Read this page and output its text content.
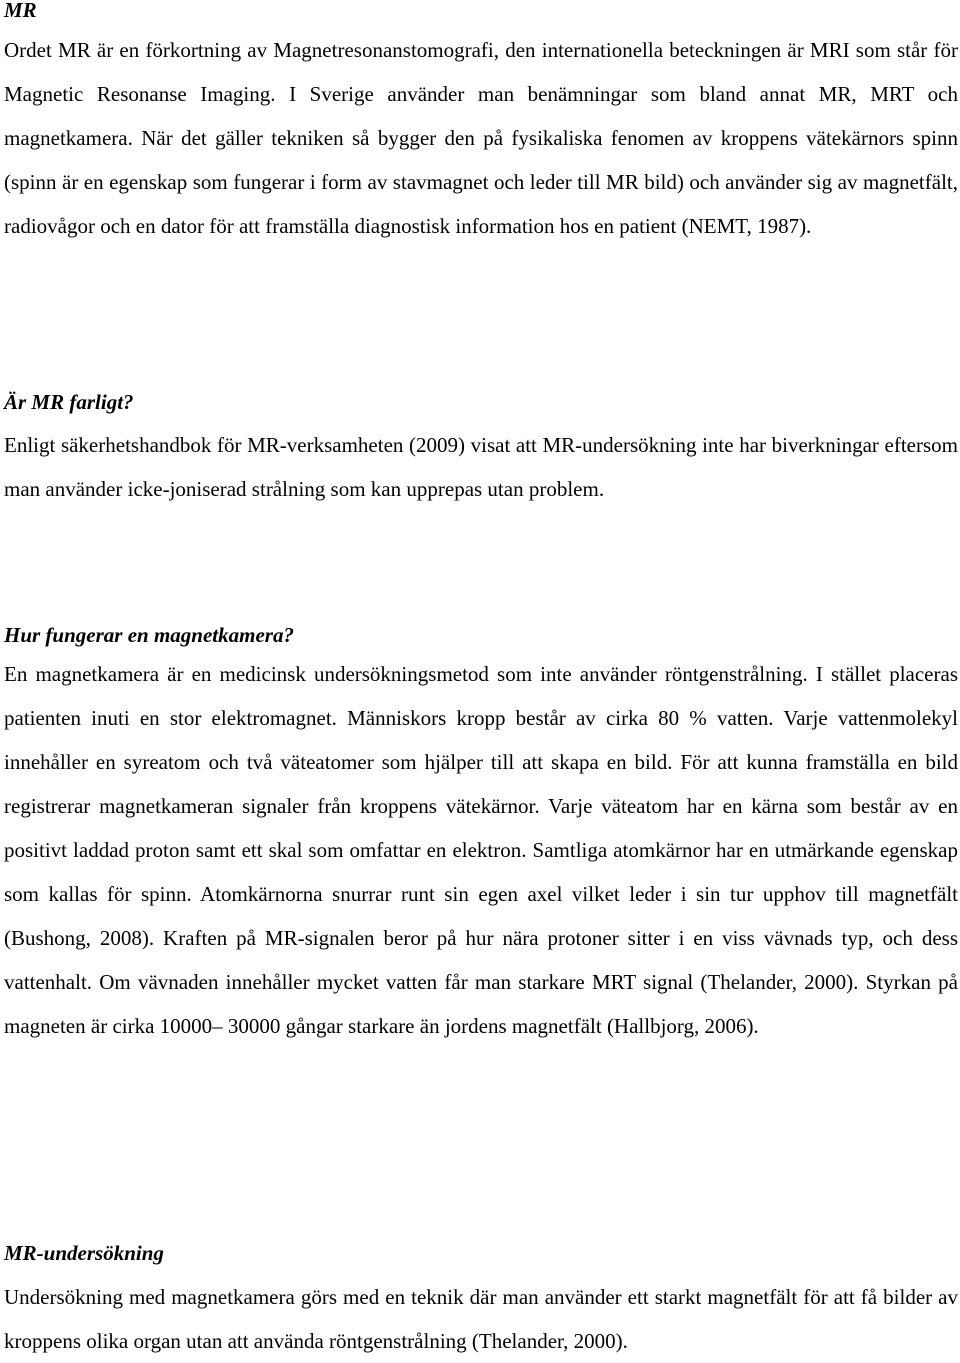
MR

Ordet MR är en förkortning av Magnetresonanstomografi, den internationella beteckningen är MRI som står för Magnetic Resonanse Imaging. I Sverige använder man benämningar som bland annat MR, MRT och magnetkamera. När det gäller tekniken så bygger den på fysikaliska fenomen av kroppens vätekärnors spinn (spinn är en egenskap som fungerar i form av stavmagnet och leder till MR bild) och använder sig av magnetfält, radiovågor och en dator för att framställa diagnostisk information hos en patient (NEMT, 1987).

Är MR farligt?

Enligt säkerhetshandbok för MR-verksamheten (2009) visat att MR-undersökning inte har biverkningar eftersom man använder icke-joniserad strålning som kan upprepas utan problem.

Hur fungerar en magnetkamera?

En magnetkamera är en medicinsk undersökningsmetod som inte använder röntgenstrålning. I stället placeras patienten inuti en stor elektromagnet. Människors kropp består av cirka 80 % vatten. Varje vattenmolekyl innehåller en syreatom och två väteatomer som hjälper till att skapa en bild. För att kunna framställa en bild registrerar magnetkameran signaler från kroppens vätekärnor. Varje väteatom har en kärna som består av en positivt laddad proton samt ett skal som omfattar en elektron. Samtliga atomkärnor har en utmärkande egenskap som kallas för spinn. Atomkärnorna snurrar runt sin egen axel vilket leder i sin tur upphov till magnetfält (Bushong, 2008). Kraften på MR-signalen beror på hur nära protoner sitter i en viss vävnads typ, och dess vattenhalt. Om vävnaden innehåller mycket vatten får man starkare MRT signal (Thelander, 2000). Styrkan på magneten är cirka 10000– 30000 gångar starkare än jordens magnetfält (Hallbjorg, 2006).

MR-undersökning

Undersökning med magnetkamera görs med en teknik där man använder ett starkt magnetfält för att få bilder av kroppens olika organ utan att använda röntgenstrålning (Thelander, 2000).
